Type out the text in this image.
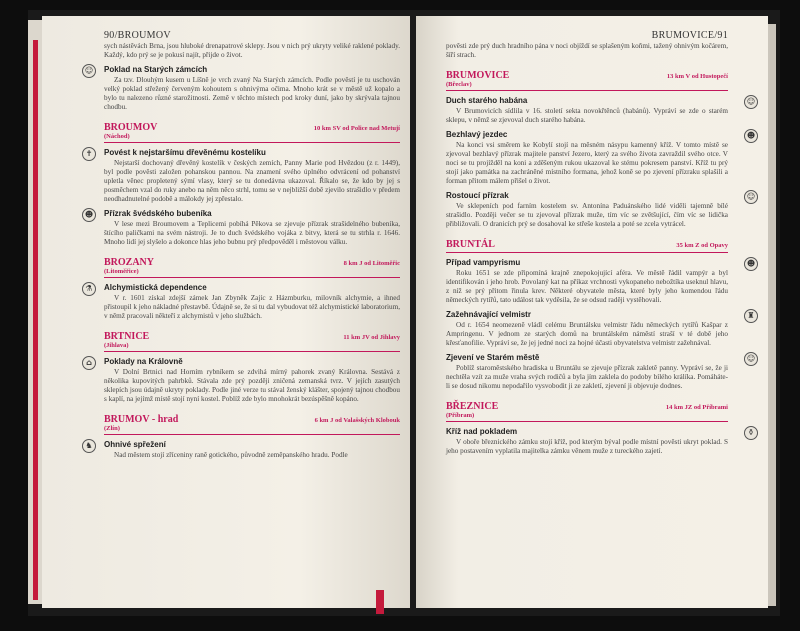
90/BROUMOV

sych nástěvách Brna, jsou hluboké drenapatrové sklepy. Jsou v nich prý ukryty veliké raklené poklady. Každý, kdo prý se je pokusí najít, přijde o život.

☺	Poklad na Starých zámcích

Za tzv. Dlouhým kusem u Líšně je vrch zvaný Na Starých zámcích. Podle pověstí je tu uschován velký poklad střežený červeným kohoutem s ohnivýma očima. Mnoho krát se v městě už kopalo a bylo tu nalezeno různé starožitnosti. Země v těchto místech pod kroky duní, jako by skrývala tajnou chodbu.

BROUMOV	10 km SV od Police nad Metují
(Náchod)
✝	Povést k nejstaršímu dřevěnému kostelíku

Nejstarší dochovaný dřevěný kostelík v českých zemích, Panny Marie pod Hvězdou (z r. 1449), byl podle pověsti založen pohanskou pannou. Na znamení svého úplného odvrácení od pohanství upletla věnec propletený sýmí vlasy, který se tu donedávna ukazoval. Říkalo se, že kdo by jej s posměchem vzal do ruky anebo na něm něco strhl, tomu se v nejbližší době zjevilo strašidlo v předem neodhadnutelné podobě a málokdy jej zpřestalo.

☻	Přízrak švédského bubeníka

V lese mezi Broumovem a Teplicemi pobíhá Pěkova se zjevuje přízrak strašidelného bubeníka, štícího paličkami na svém nástroji. Je to duch švédského vojáka z bitvy, která se tu strhla r. 1646. Mnoho lidí jej slyšelo a dokonce hlas jeho bubnu prý předpověděl i městovou válku.

BROZANY	8 km J od Litoměřic
(Litoměřice)
⚗	Alchymistická dependence

V r. 1601 získal zdejší zámek Jan Zbyněk Zajíc z Házmburku, milovník alchymie, a ihned přistoupil k jeho nákladné přestavbě. Údajně se, že si tu dal vybudovat též alchymistické laboratorium, v němž pracovali někteří z alchymistů v jeho službách.

BRTNICE	11 km JV od Jihlavy
(Jihlava)
⌂	Poklady na Královně

V Dolní Brtnici nad Horním rybníkem se zdvihá mírný pahorek zvaný Královna. Sestává z několika kupovitých pahrbků. Stávala zde prý později zničená zemanská tvrz. V jejích zasutých sklepích jsou údajně ukryty poklady. Podle jiné verze tu stával ženský klášter, spojený tajnou chodbou s kaplí, na jejímž místě stojí nyní kostel. Poblíž zde bylo mnohokrát bezúspěšně kopáno.

BRUMOV - hrad	6 km J od Valašských Klobouk
(Zlín)
♞	Ohnivé spřežení

Nad městem stojí zříceniny raně gotického, původně zeměpanského hradu. Podle

BRUMOVICE/91

pověsti zde prý duch hradního pána v noci objíždí se splašeným koňmi, tažený ohnivým kočárem, šíří strach.

BRUMOVICE	13 km V od Hustopečí
(Břeclav)
☺
Duch starého habána

V Brumovicích sídlila v 16. století sekta novokřtěnců (habánů). Vypráví se zde o starém sklepu, v němž se zjevoval duch starého habána.

☻
Bezhlavý jezdec

Na konci vsi směrem ke Kobylí stojí na měsném násypu kamenný kříž. V tomto místě se zjevoval bezhlavý přízrak majitele panství Jezero, který za svého života zavraždil svého otce. V noci se tu projížděl na koni a zděšeným rukou ukazoval ke stému pokresem panství. Kříž tu prý stojí jako památka na zachráněné místního formana, jehož koně se po zjevení přízraku splašili a forman přitom málem přišel o život.

☺
Rostoucí přízrak

Ve sklepeních pod farním kostelem sv. Antonína Paduánského lidé viděli tajemně bílé strašidlo. Později večer se tu zjevoval přízrak muže, tím víc se zvětšující, čím víc se lidička přibližovali. O dranicích prý se dosahoval ke střeše kostela a poté se zcela vytrácel.

BRUNTÁL	35 km Z od Opavy
☻
Případ vampyrismu

Roku 1651 se zde připomíná krajně znepokojující aféra. Ve městě řádil vampýr a byl identifikován i jeho hrob. Povolaný kat na příkaz vrchnosti vykopaneho nebožtíka useknul hlavu, z níž se prý přitom řinula krev. Některé obyvatele města, které byly jeho komendou řádu německých rytířů, tato událost tak vyděsila, že se odsud raději vystěhovali.

♜
Zažehnávající velmistr

Od r. 1654 neomezeně vládl celému Bruntálsku velmistr řádu německých rytířů Kašpar z Ampringenu. V jednom ze starých domů na bruntálském náměstí straší v té době jeho křesťanofilie. Vypráví se, že jej jedné noci za hojné účasti obyvatelstva velmistr zažehnával.

☺
Zjevení ve Starém městě

Poblíž staroměstského hradiska u Bruntálu se zjevuje přízrak zakletě panny. Vypráví se, že ji nechtěla vzít za muže vraha svých rodičů a byla jím zaklela do podoby bílého králíka. Pomáháte-li se dosud nikomu nepodařilo vysvobodit ji ze zakletí, zjevení ji objevuje dodnes.

BŘEZNICE	14 km JZ od Příbrami
(Příbram)
⚱
Kříž nad pokladem

V oboře březnického zámku stojí kříž, pod kterým býval podle místní pověsti ukryt poklad. S jeho postavením vyplatila majitelka zámku věnem muže z tureckého zajetí.
